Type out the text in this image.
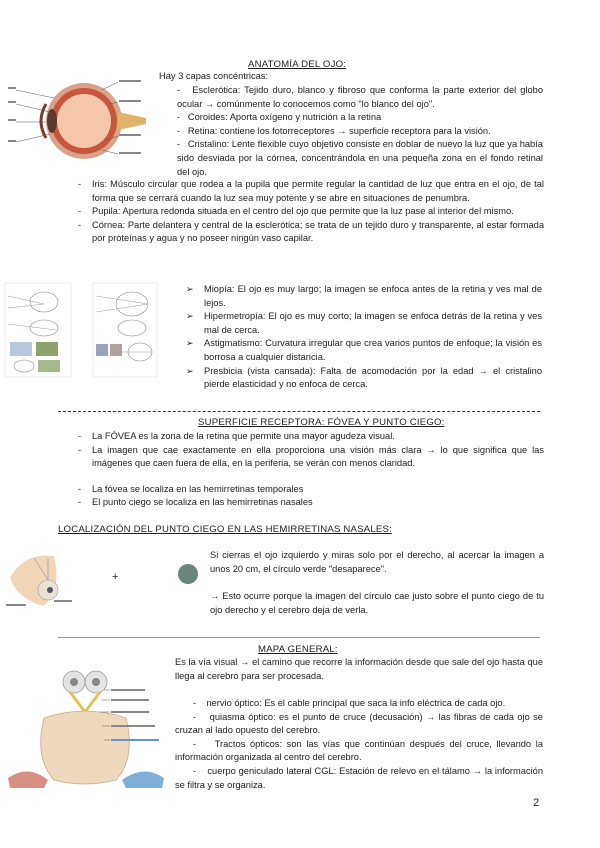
ANATOMÍA DEL OJO:
Hay 3 capas concéntricas:
-   Esclerótica: Tejido duro, blanco y fibroso que conforma la parte exterior del globo ocular → comúnmente lo conocemos como "lo blanco del ojo".
-   Coroides: Aporta oxígeno y nutrición a la retina
-   Retina: contiene los fotorreceptores → superficie receptora para la visión.
-   Cristalino: Lente flexible cuyo objetivo consiste en doblar de nuevo la luz que ya había sido desviada por la córnea, concentrándola en una pequeña zona en el fondo retinal del ojo.
- Iris: Músculo circular que rodea a la pupila que permite regular la cantidad de luz que entra en el ojo, de tal forma que se cerrará cuando la luz sea muy potente y se abre en situaciones de penumbra.
- Pupila: Apertura redonda situada en el centro del ojo que permite que la luz pase al interior del mismo.
- Córnea: Parte delantera y central de la esclerótica; se trata de un tejido duro y transparente, al estar formada por proteínas y agua y no poseer ningún vaso capilar.
➢ Miopía: El ojo es muy largo; la imagen se enfoca antes de la retina y ves mal de lejos.
➢ Hipermetropía: El ojo es muy corto; la imagen se enfoca detrás de la retina y ves mal de cerca.
➢ Astigmatismo: Curvatura irregular que crea varios puntos de enfoque; la visión es borrosa a cualquier distancia.
➢ Presbicia (vista cansada): Falta de acomodación por la edad → el cristalino pierde elasticidad y no enfoca de cerca.
SUPERFICIE RECEPTORA: FÓVEA Y PUNTO CIEGO:
- La FÓVEA es la zona de la retina que permite una mayor agudeza visual.
- La imagen que cae exactamente en ella proporciona una visión más clara → lo que significa que las imágenes que caen fuera de ella, en la periferia, se verán con menos claridad.
- La fóvea se localiza en las hemirretinas temporales
- El punto ciego se localiza en las hemirretinas nasales
LOCALIZACIÓN DEL PUNTO CIEGO EN LAS HEMIRRETINAS NASALES:
+
Si cierras el ojo izquierdo y miras solo por el derecho, al acercar la imagen a unos 20 cm, el círculo verde "desaparece".
→ Esto ocurre porque la imagen del círculo cae justo sobre el punto ciego de tu ojo derecho y el cerebro deja de verla.
MAPA GENERAL:
Es la vía visual → el camino que recorre la información desde que sale del ojo hasta que llega al cerebro para ser procesada.
-    nervio óptico: Es el cable principal que saca la info eléctrica de cada ojo.
-    quiasma óptico: es el punto de cruce (decusación) → las fibras de cada ojo se cruzan al lado opuesto del cerebro.
-    Tractos ópticos: son las vías que continúan después del cruce, llevando la información organizada al centro del cerebro.
-    cuerpo geniculado lateral CGL: Estación de relevo en el tálamo → la información se filtra y se organiza.
2
